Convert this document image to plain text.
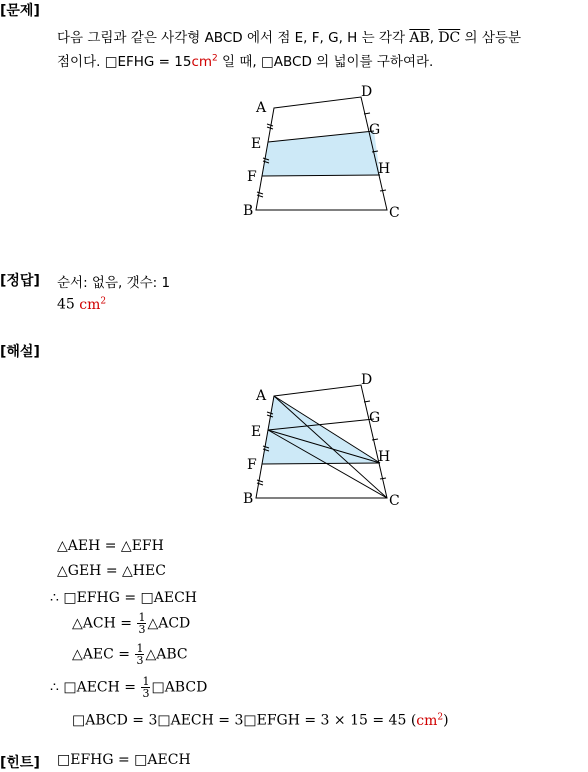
[문제]
다음 그림과 같은 사각형 ABCD 에서 점 E, F, G, H 는 각각 $\overline{AB}$, $\overline{DC}$ 의 삼등분
점이다. □EFHG = $15cm^2$ 일 때, □ABCD 의 넓이를 구하여라.
A
D
E
G
F	H
B	C
[정답] 순서: 없음, 갯수: 1
45 $cm^2$
[해설]
A
D
E
G
F	H
B	C
△AEH = △EFH
△GEH = △HEC
∴ □EFHG = □AECH
△ACH = $\frac{1}{3}$ △ACD
△AEC = $\frac{1}{3}$ △ABC
∴ □AECH = $\frac{1}{3}$ □ABCD
□ABCD = 3□AECH = 3□EFGH = 3 × 15 = 45 $(cm^2)$
[힌트] □EFHG = □AECH
